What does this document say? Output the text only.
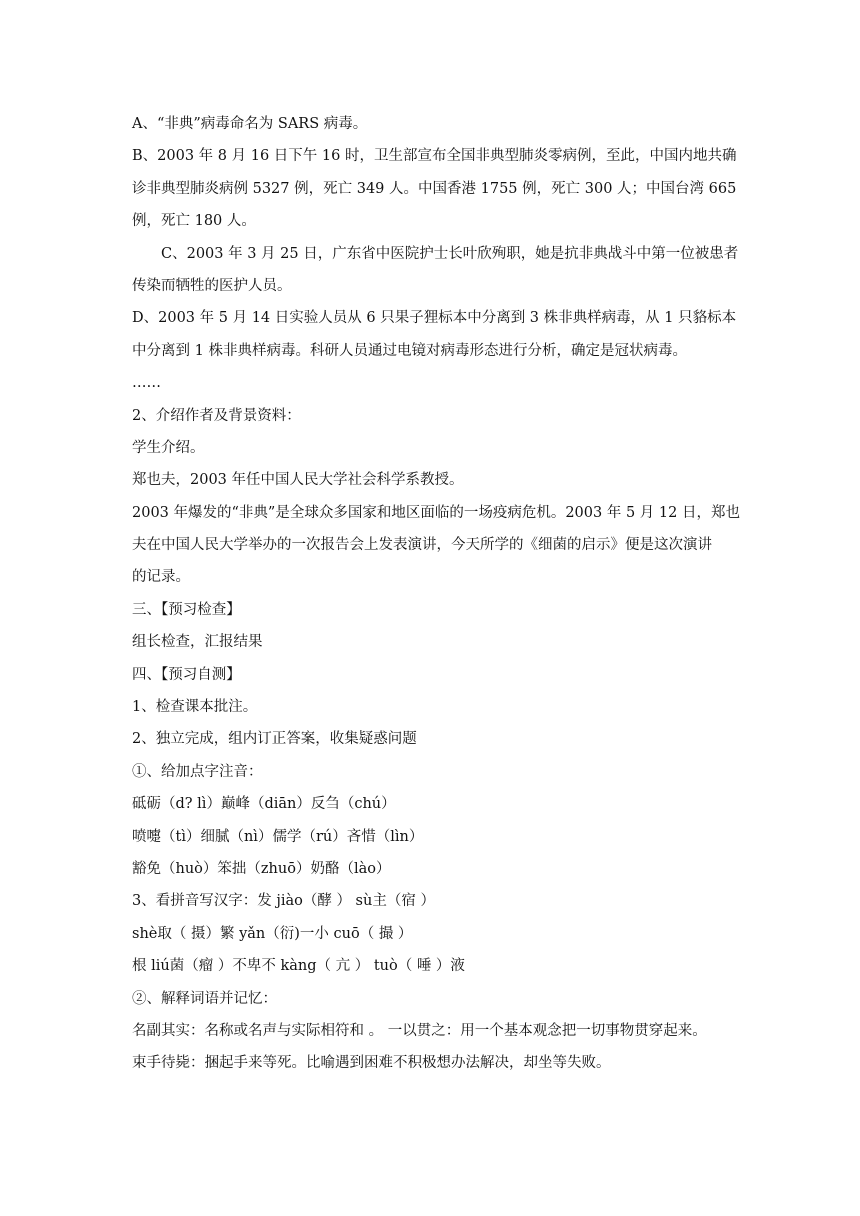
A、“非典”病毒命名为 SARS 病毒。
B、2003 年 8 月 16 日下午 16 时，卫生部宣布全国非典型肺炎零病例，至此，中国内地共确
诊非典型肺炎病例 5327 例，死亡 349 人。中国香港 1755 例，死亡 300 人；中国台湾 665
例，死亡 180 人。
C、2003 年 3 月 25 日，广东省中医院护士长叶欣殉职，她是抗非典战斗中第一位被患者
传染而牺牲的医护人员。
D、2003 年 5 月 14 日实验人员从 6 只果子狸标本中分离到 3 株非典样病毒，从 1 只貉标本
中分离到 1 株非典样病毒。科研人员通过电镜对病毒形态进行分析，确定是冠状病毒。
……
2、介绍作者及背景资料：
学生介绍。
郑也夫，2003 年任中国人民大学社会科学系教授。
2003 年爆发的“非典”是全球众多国家和地区面临的一场疫病危机。2003 年 5 月 12 日，郑也
夫在中国人民大学举办的一次报告会上发表演讲，今天所学的《细菌的启示》便是这次演讲
的记录。
三、【预习检查】
组长检查，汇报结果
四、【预习自测】
1、检查课本批注。
2、独立完成，组内订正答案，收集疑惑问题
①、给加点字注音：
砥砺（d? lì）巅峰（diān）反刍（chú）
喷嚏（tì）细腻（nì）儒学（rú）吝惜（lìn）
豁免（huò）笨拙（zhuō）奶酪（lào）
3、看拼音写汉字：发 jiào（酵 ） sù主（宿 ）
shè取（ 摄）繁 yǎn（衍)一小 cuō（ 撮 ）
根 liú菌（瘤 ）不卑不 kàng（ 亢 ） tuò（ 唾 ）液
②、解释词语并记忆：
名副其实：名称或名声与实际相符和 。 一以贯之：用一个基本观念把一切事物贯穿起来。
束手待毙：捆起手来等死。比喻遇到困难不积极想办法解决，却坐等失败。
